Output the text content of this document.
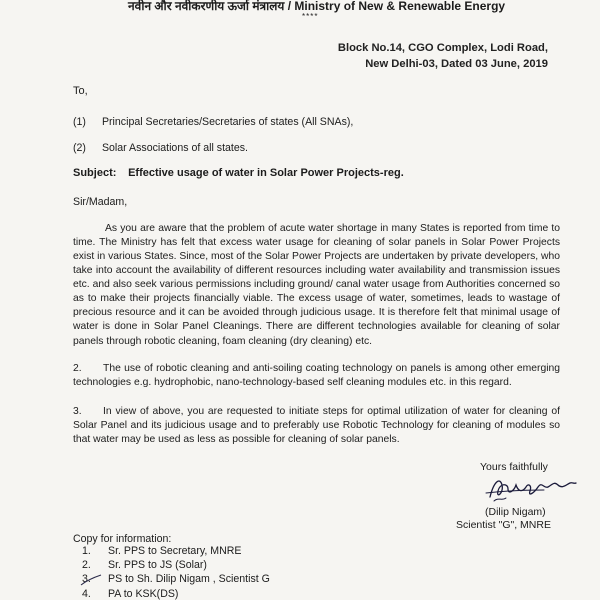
नवीन और नवीकरणीय ऊर्जा मंत्रालय / Ministry of New & Renewable Energy
****
Block No.14, CGO Complex, Lodi Road,
New Delhi-03, Dated 03 June, 2019
To,
(1) Principal Secretaries/Secretaries of states (All SNAs),
(2) Solar Associations of all states.
Subject: Effective usage of water in Solar Power Projects-reg.
Sir/Madam,
As you are aware that the problem of acute water shortage in many States is reported from time to time. The Ministry has felt that excess water usage for cleaning of solar panels in Solar Power Projects exist in various States. Since, most of the Solar Power Projects are undertaken by private developers, who take into account the availability of different resources including water availability and transmission issues etc. and also seek various permissions including ground/ canal water usage from Authorities concerned so as to make their projects financially viable. The excess usage of water, sometimes, leads to wastage of precious resource and it can be avoided through judicious usage. It is therefore felt that minimal usage of water is done in Solar Panel Cleanings. There are different technologies available for cleaning of solar panels through robotic cleaning, foam cleaning (dry cleaning) etc.
2. The use of robotic cleaning and anti-soiling coating technology on panels is among other emerging technologies e.g. hydrophobic, nano-technology-based self cleaning modules etc. in this regard.
3. In view of above, you are requested to initiate steps for optimal utilization of water for cleaning of Solar Panel and its judicious usage and to preferably use Robotic Technology for cleaning of modules so that water may be used as less as possible for cleaning of solar panels.
Yours faithfully
(Dilip Nigam)
Scientist "G", MNRE
Copy for information:
1. Sr. PPS to Secretary, MNRE
2. Sr. PPS to JS (Solar)
3. PS to Sh. Dilip Nigam , Scientist G
4. PA to KSK(DS)
